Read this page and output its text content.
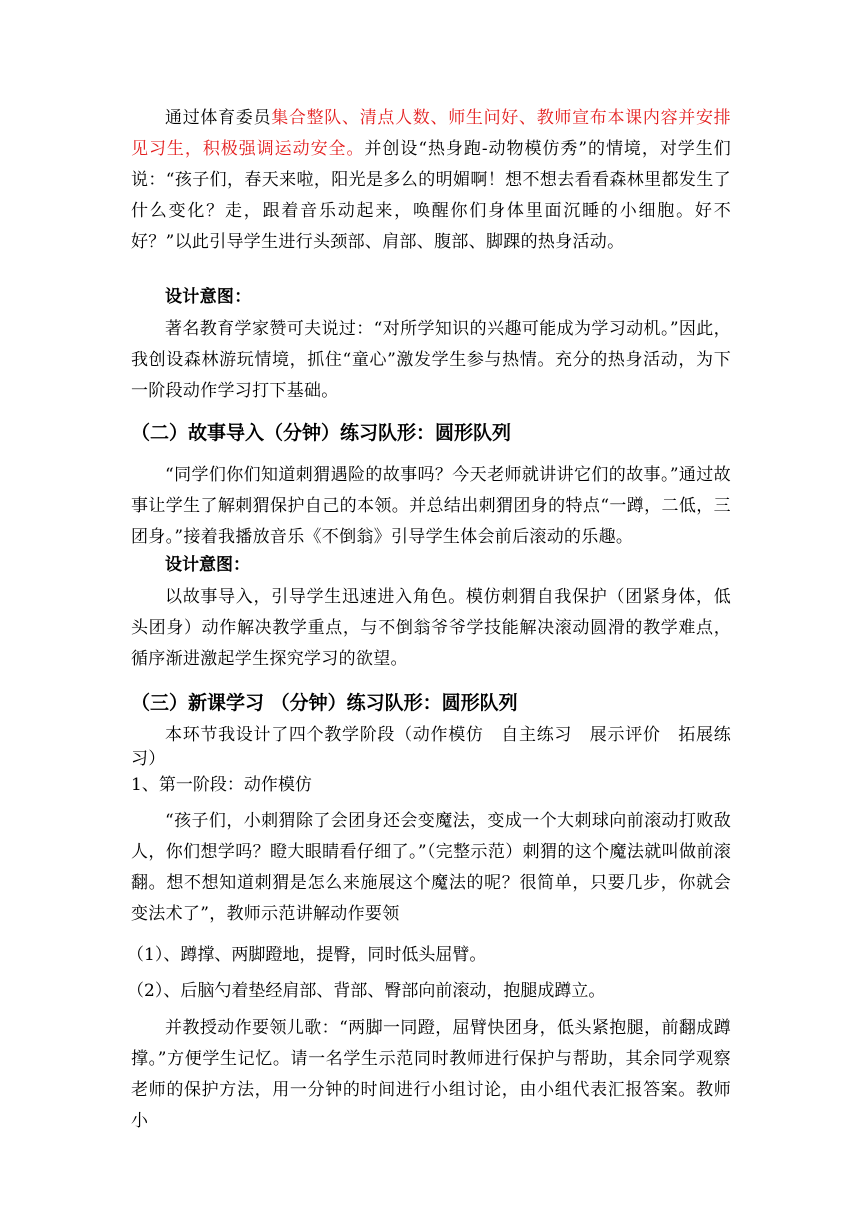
通过体育委员集合整队、清点人数、师生问好、教师宣布本课内容并安排见习生，积极强调运动安全。并创设“热身跑-动物模仿秀”的情境，对学生们说：“孩子们，春天来啦，阳光是多么的明媚啊！想不想去看看森林里都发生了什么变化？走，跟着音乐动起来，唤醒你们身体里面沉睡的小细胞。好不好？”以此引导学生进行头颈部、肩部、腹部、脚踝的热身活动。

设计意图：

著名教育学家赞可夫说过：“对所学知识的兴趣可能成为学习动机。”因此，我创设森林游玩情境，抓住“童心”激发学生参与热情。充分的热身活动，为下一阶段动作学习打下基础。

（二）故事导入（分钟）练习队形：圆形队列

“同学们你们知道刺猬遇险的故事吗？今天老师就讲讲它们的故事。”通过故事让学生了解刺猬保护自己的本领。并总结出刺猬团身的特点“一蹲，二低，三团身。”接着我播放音乐《不倒翁》引导学生体会前后滚动的乐趣。

设计意图：

以故事导入，引导学生迅速进入角色。模仿刺猬自我保护（团紧身体，低头团身）动作解决教学重点，与不倒翁爷爷学技能解决滚动圆滑的教学难点，循序渐进激起学生探究学习的欲望。

（三）新课学习 （分钟）练习队形：圆形队列

本环节我设计了四个教学阶段（动作模仿　自主练习　展示评价　拓展练习）

1、第一阶段：动作模仿

“孩子们，小刺猬除了会团身还会变魔法，变成一个大刺球向前滚动打败敌人，你们想学吗？瞪大眼睛看仔细了。”（完整示范）刺猬的这个魔法就叫做前滚翻。想不想知道刺猬是怎么来施展这个魔法的呢？很简单，只要几步，你就会变法术了”，教师示范讲解动作要领

（1）、蹲撑、两脚蹬地，提臀，同时低头屈臂。

（2）、后脑勺着垫经肩部、背部、臀部向前滚动，抱腿成蹲立。

并教授动作要领儿歌：“两脚一同蹬，屈臂快团身，低头紧抱腿，前翻成蹲撑。”方便学生记忆。请一名学生示范同时教师进行保护与帮助，其余同学观察老师的保护方法，用一分钟的时间进行小组讨论，由小组代表汇报答案。教师小
